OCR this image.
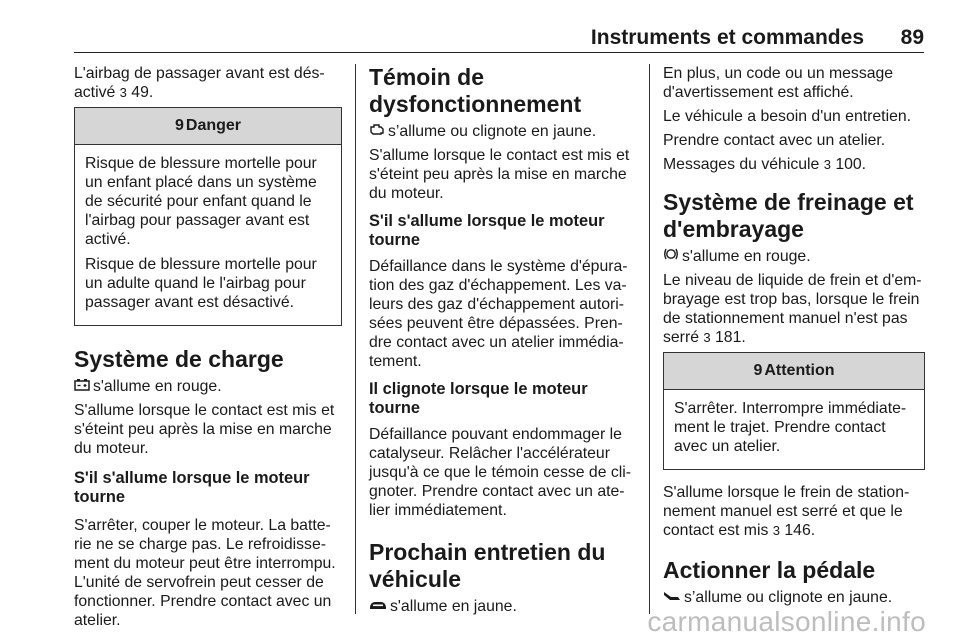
Instruments et commandes 89

L'airbag de passager avant est dés-
activé 3 49.

9 Danger

Risque de blessure mortelle pour un enfant placé dans un système de sécurité pour enfant quand le l'airbag pour passager avant est activé.

Risque de blessure mortelle pour un adulte quand le l'airbag pour passager avant est désactivé.

Système de charge

s'allume en rouge.

S'allume lorsque le contact est mis et s'éteint peu après la mise en marche du moteur.

S'il s'allume lorsque le moteur tourne

S'arrêter, couper le moteur. La batte-rie ne se charge pas. Le refroidisse-ment du moteur peut être interrompu. L'unité de servofrein peut cesser de fonctionner. Prendre contact avec un atelier.

Témoin de dysfonctionnement

s’allume ou clignote en jaune.

S'allume lorsque le contact est mis et s'éteint peu après la mise en marche du moteur.

S'il s'allume lorsque le moteur tourne

Défaillance dans le système d'épura-tion des gaz d'échappement. Les va-leurs des gaz d'échappement autori-sées peuvent être dépassées. Pren-dre contact avec un atelier immédia-tement.

Il clignote lorsque le moteur tourne

Défaillance pouvant endommager le catalyseur. Relâcher l'accélérateur jusqu'à ce que le témoin cesse de cli-gnoter. Prendre contact avec un ate-lier immédiatement.

Prochain entretien du véhicule

s'allume en jaune.

En plus, un code ou un message d'avertissement est affiché.

Le véhicule a besoin d'un entretien.

Prendre contact avec un atelier.

Messages du véhicule 3 100.

Système de freinage et d'embrayage

s'allume en rouge.

Le niveau de liquide de frein et d'em-brayage est trop bas, lorsque le frein de stationnement manuel n'est pas serré 3 181.

9 Attention

S'arrêter. Interrompre immédiate-ment le trajet. Prendre contact avec un atelier.

S'allume lorsque le frein de station-nement manuel est serré et que le contact est mis 3 146.

Actionner la pédale

s’allume ou clignote en jaune.

carmanualsonline.info
